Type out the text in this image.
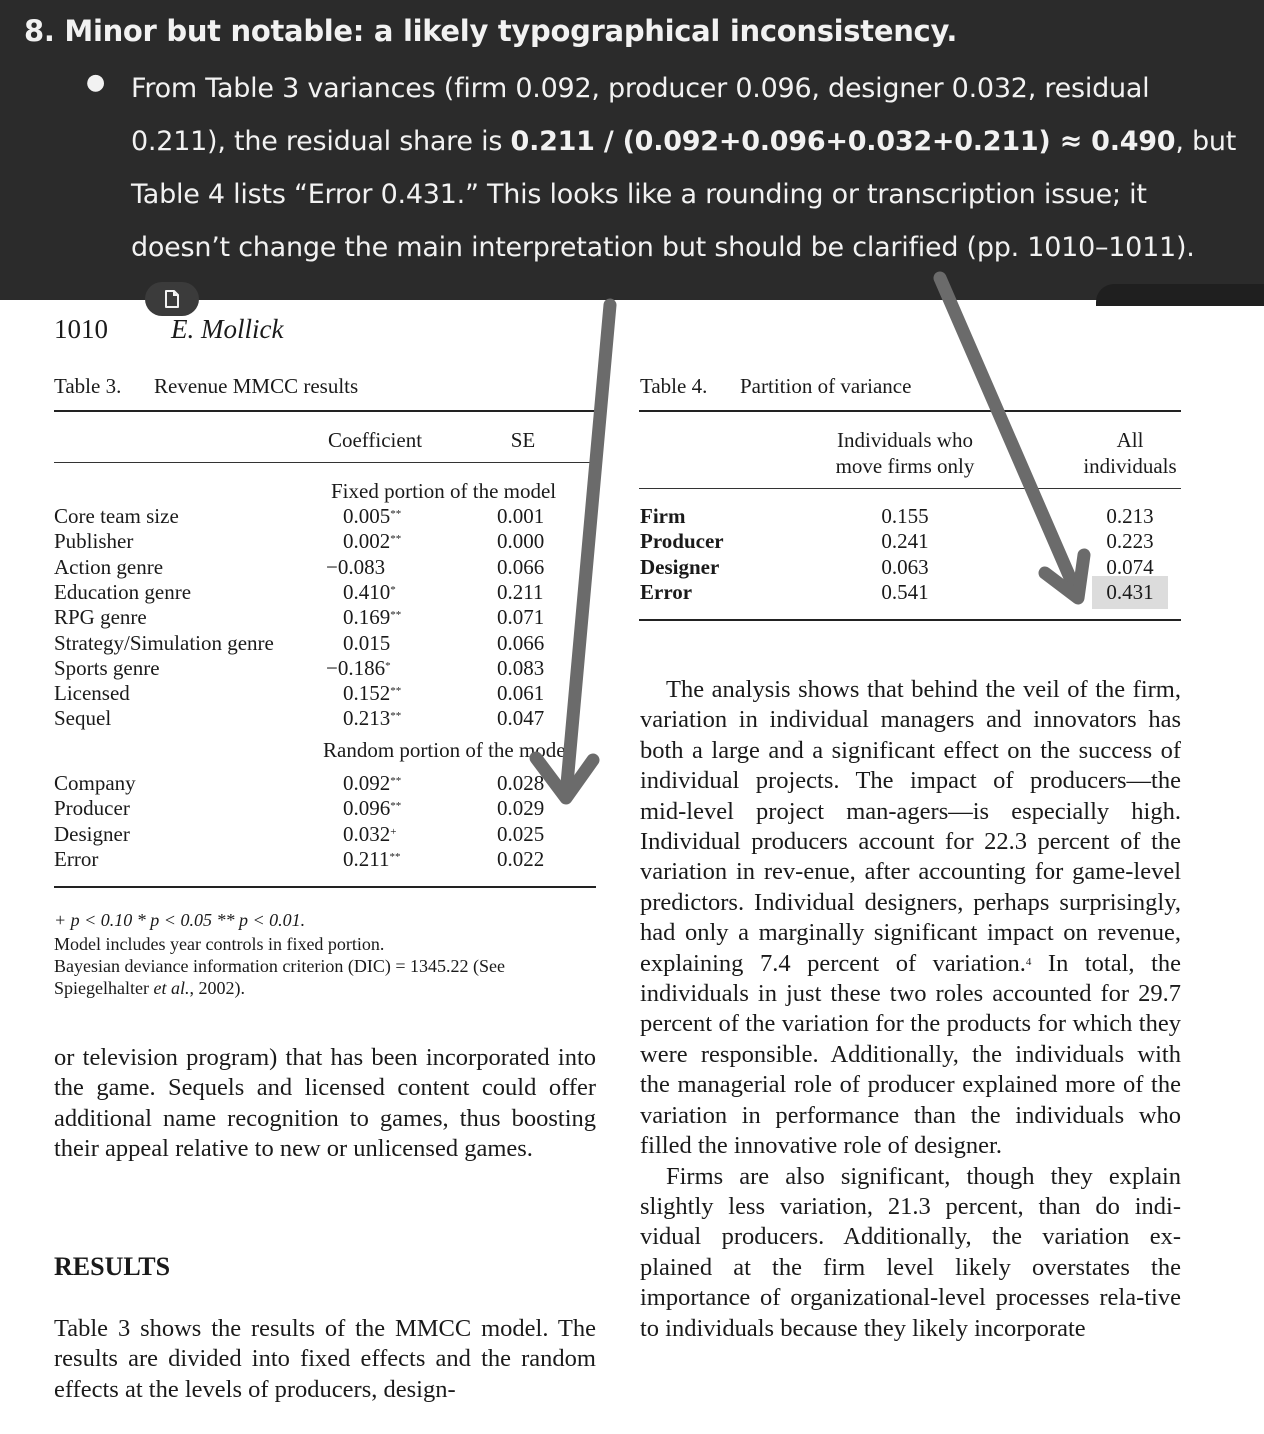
8. Minor but notable: a likely typographical inconsistency.
● From Table 3 variances (firm 0.092, producer 0.096, designer 0.032, residual 0.211), the residual share is 0.211 / (0.092+0.096+0.032+0.211) ≈ 0.490, but Table 4 lists “Error 0.431.” This looks like a rounding or transcription issue; it doesn’t change the main interpretation but should be clarified (pp. 1010–1011).
1010 E. Mollick
Table 3. Revenue MMCC results
Coefficient	SE
Fixed portion of the model
Core team size	0.005**	0.001
Publisher	0.002**	0.000
Action genre	−0.083	0.066
Education genre	0.410*	0.211
RPG genre	0.169**	0.071
Strategy/Simulation genre	0.015	0.066
Sports genre	−0.186*	0.083
Licensed	0.152**	0.061
Sequel	0.213**	0.047
Random portion of the model
Company	0.092**	0.028
Producer	0.096**	0.029
Designer	0.032+	0.025
Error	0.211**	0.022
+ p < 0.10 * p < 0.05 ** p < 0.01.
Model includes year controls in fixed portion.
Bayesian deviance information criterion (DIC) = 1345.22 (See
Spiegelhalter et al., 2002).
Table 4. Partition of variance
Individuals who
move firms only
All
individuals
Firm	0.155	0.213
Producer	0.241	0.223
Designer	0.063	0.074
Error	0.541	0.431

or television program) that has been incorporated into the game. Sequels and licensed content could offer additional name recognition to games, thus boosting their appeal relative to new or unlicensed games.

RESULTS

Table 3 shows the results of the MMCC model. The results are divided into fixed effects and the random effects at the levels of producers, design-

The analysis shows that behind the veil of the firm, variation in individual managers and innovators has both a large and a significant effect on the success of individual projects. The impact of producers—the mid-level project man-agers—is especially high. Individual producers account for 22.3 percent of the variation in rev-enue, after accounting for game-level predictors. Individual designers, perhaps surprisingly, had only a marginally significant impact on revenue, explaining 7.4 percent of variation.$^4$ In total, the individuals in just these two roles accounted for 29.7 percent of the variation for the products for which they were responsible. Additionally, the individuals with the managerial role of producer explained more of the variation in performance than the individuals who filled the innovative role of designer.

Firms are also significant, though they explain slightly less variation, 21.3 percent, than do indi-vidual producers. Additionally, the variation ex-plained at the firm level likely overstates the importance of organizational-level processes rela-tive to individuals because they likely incorporate
